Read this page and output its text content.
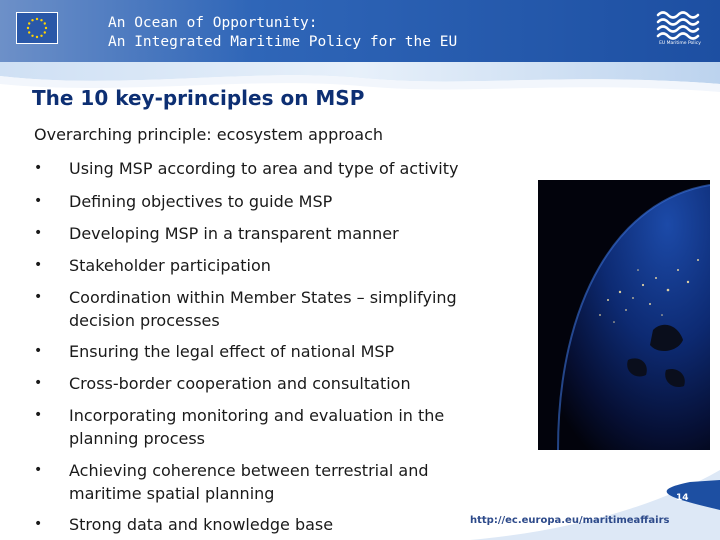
An Ocean of Opportunity:
An Integrated Maritime Policy for the EU	EU Maritime Policy
The 10 key-principles on MSP

Overarching principle: ecosystem approach

•	Using MSP according to area and type of activity
•	Defining objectives to guide MSP
•	Developing MSP in a transparent manner
•	Stakeholder participation
•	Coordination within Member States – simplifying
decision processes
•	Ensuring the legal effect of national MSP
•	Cross-border cooperation and consultation
•	Incorporating monitoring and evaluation in the
planning process
•	Achieving coherence between terrestrial and
maritime spatial planning
•	Strong data and knowledge base
14
http://ec.europa.eu/maritimeaffairs
